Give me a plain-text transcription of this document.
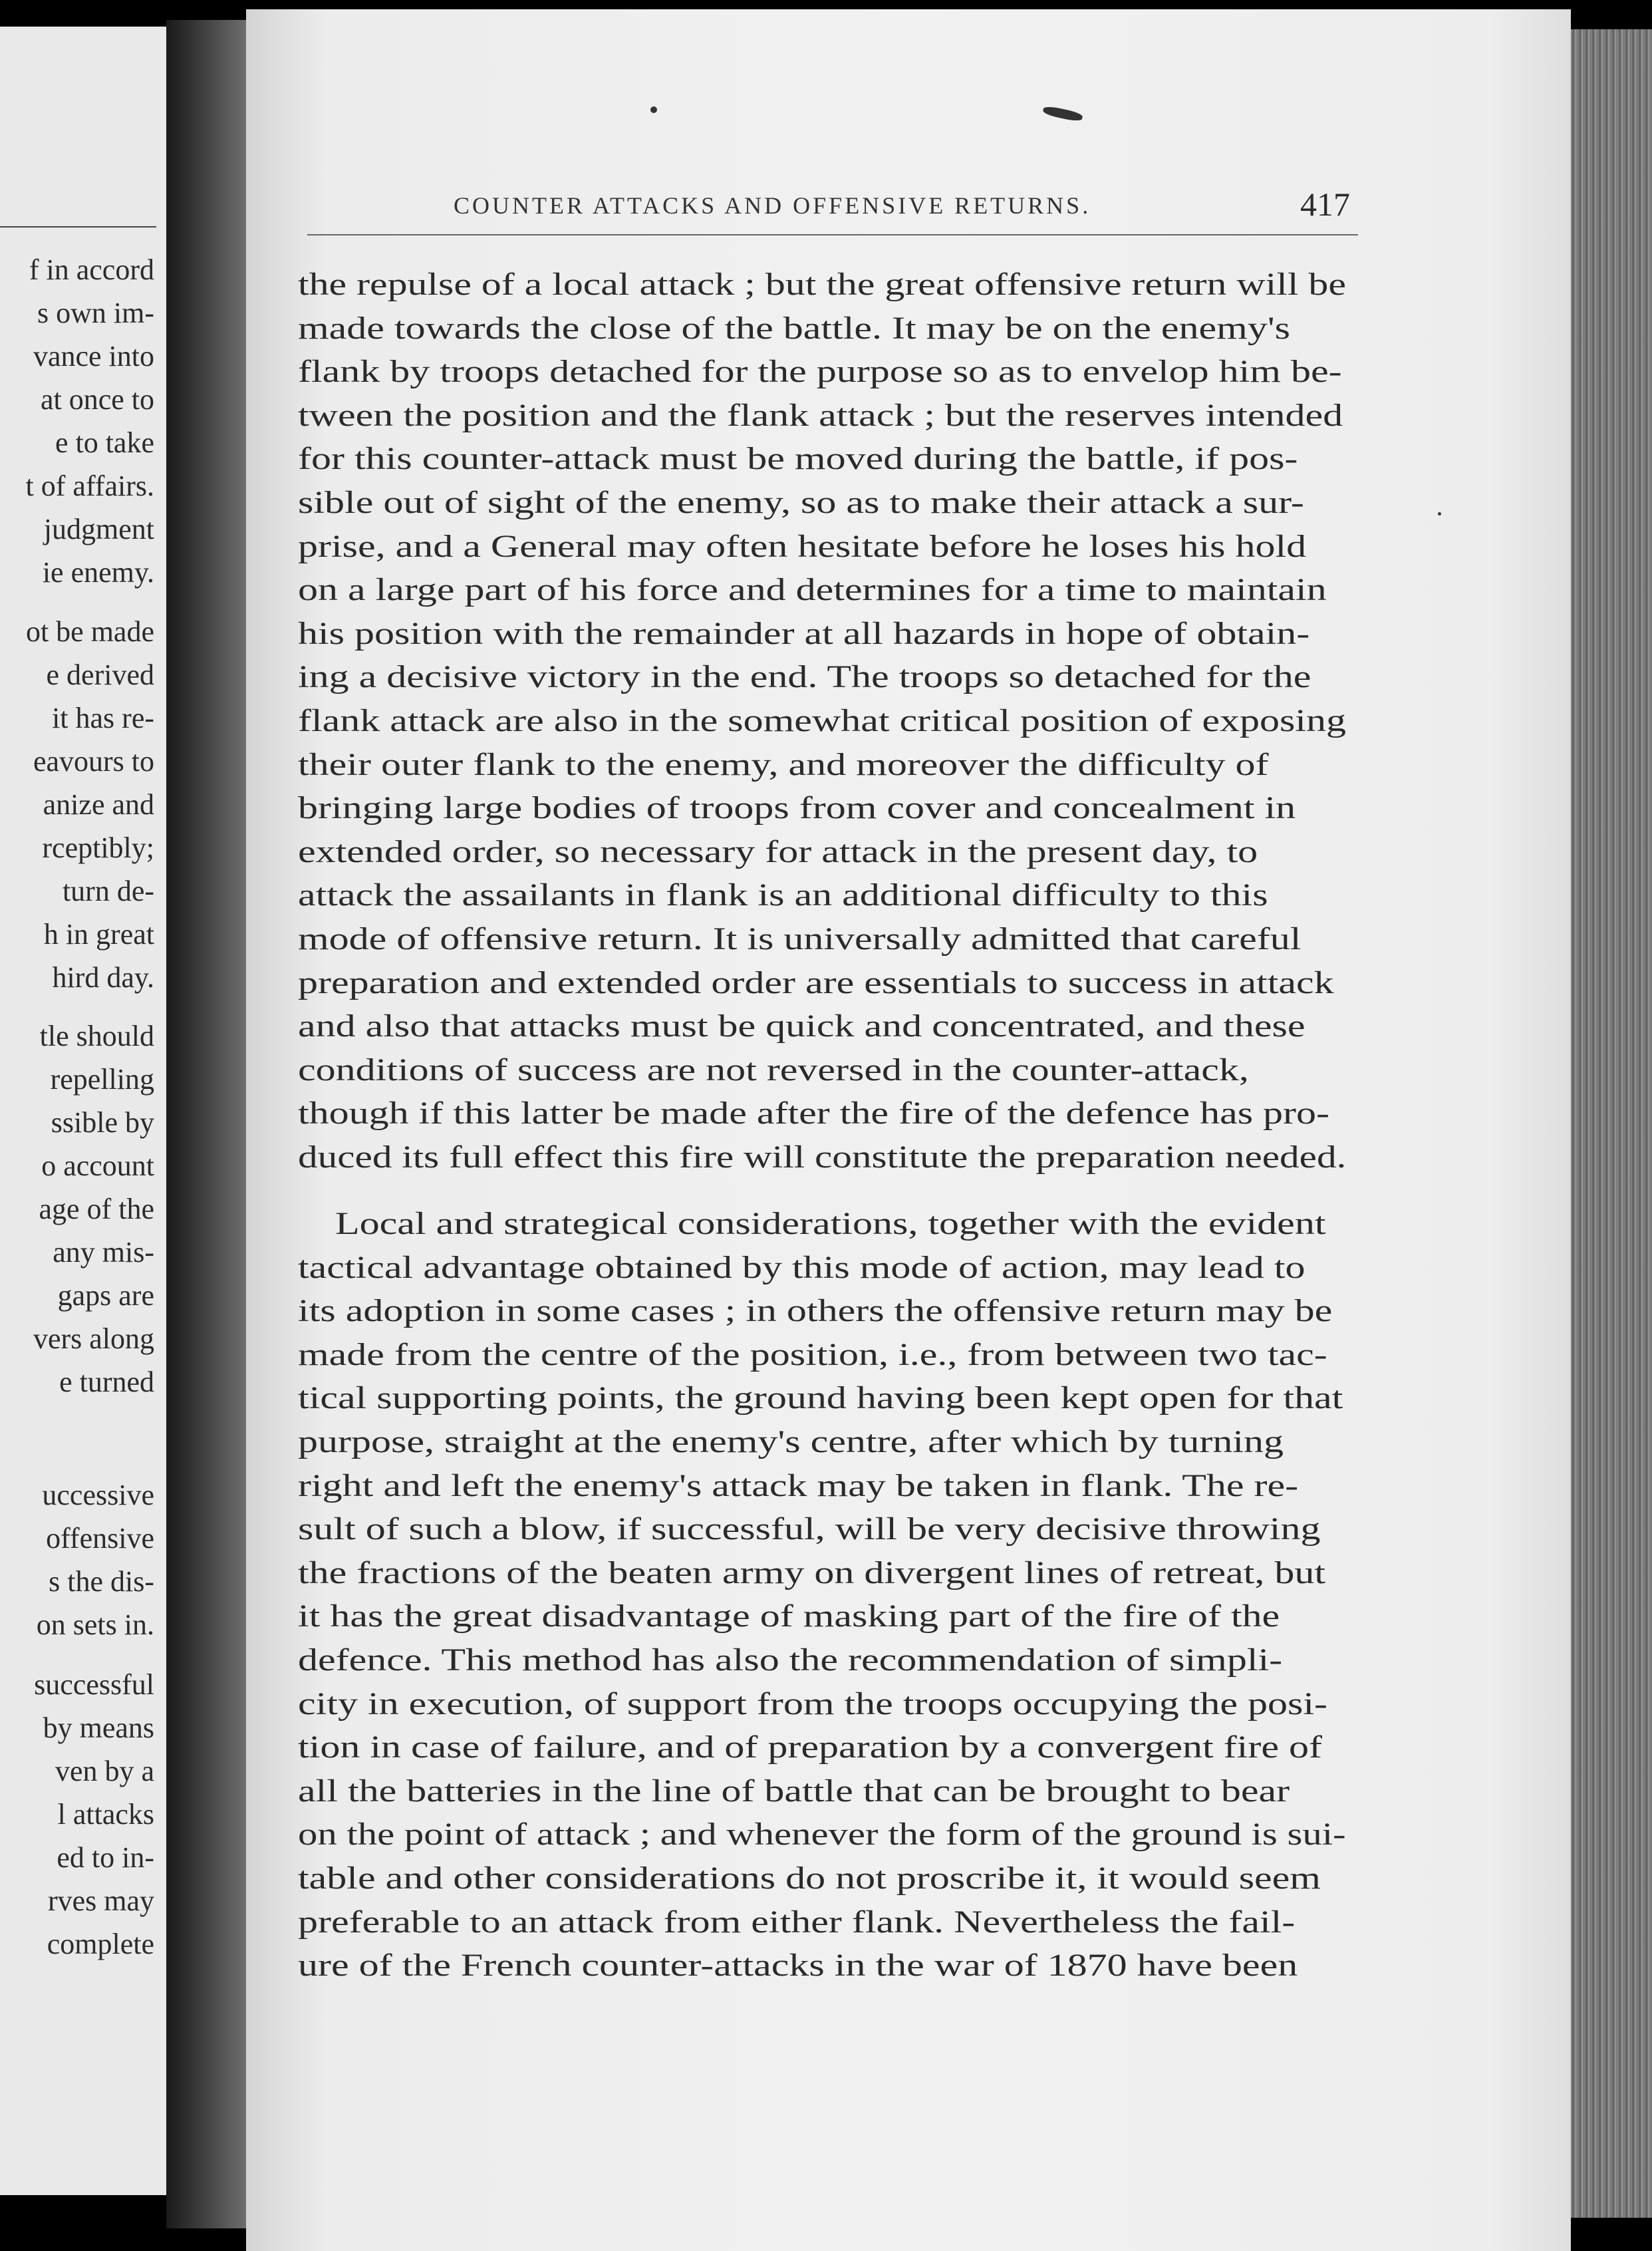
f in accord
s own im-
vance into
at once to
e to take
t of affairs.
judgment
ie enemy.
ot be made
e derived
it has re-
eavours to
anize and
rceptibly;
turn de-
h in great
hird day.
tle should
repelling
ssible by
o account
age of the
any mis-
gaps are
vers along
e turned
uccessive
offensive
s the dis-
on sets in.
successful
by means
ven by a
l attacks
ed to in-
rves may
complete
COUNTER ATTACKS AND OFFENSIVE RETURNS.	417
the repulse of a local attack ; but the great offensive return will be
made towards the close of the battle. It may be on the enemy's
flank by troops detached for the purpose so as to envelop him be-
tween the position and the flank attack ; but the reserves intended
for this counter-attack must be moved during the battle, if pos-
sible out of sight of the enemy, so as to make their attack a sur-
prise, and a General may often hesitate before he loses his hold
on a large part of his force and determines for a time to maintain
his position with the remainder at all hazards in hope of obtain-
ing a decisive victory in the end. The troops so detached for the
flank attack are also in the somewhat critical position of exposing
their outer flank to the enemy, and moreover the difficulty of
bringing large bodies of troops from cover and concealment in
extended order, so necessary for attack in the present day, to
attack the assailants in flank is an additional difficulty to this
mode of offensive return. It is universally admitted that careful
preparation and extended order are essentials to success in attack
and also that attacks must be quick and concentrated, and these
conditions of success are not reversed in the counter-attack,
though if this latter be made after the fire of the defence has pro-
duced its full effect this fire will constitute the preparation needed.
Local and strategical considerations, together with the evident
tactical advantage obtained by this mode of action, may lead to
its adoption in some cases ; in others the offensive return may be
made from the centre of the position, i.e., from between two tac-
tical supporting points, the ground having been kept open for that
purpose, straight at the enemy's centre, after which by turning
right and left the enemy's attack may be taken in flank. The re-
sult of such a blow, if successful, will be very decisive throwing
the fractions of the beaten army on divergent lines of retreat, but
it has the great disadvantage of masking part of the fire of the
defence. This method has also the recommendation of simpli-
city in execution, of support from the troops occupying the posi-
tion in case of failure, and of preparation by a convergent fire of
all the batteries in the line of battle that can be brought to bear
on the point of attack ; and whenever the form of the ground is sui-
table and other considerations do not proscribe it, it would seem
preferable to an attack from either flank. Nevertheless the fail-
ure of the French counter-attacks in the war of 1870 have been
